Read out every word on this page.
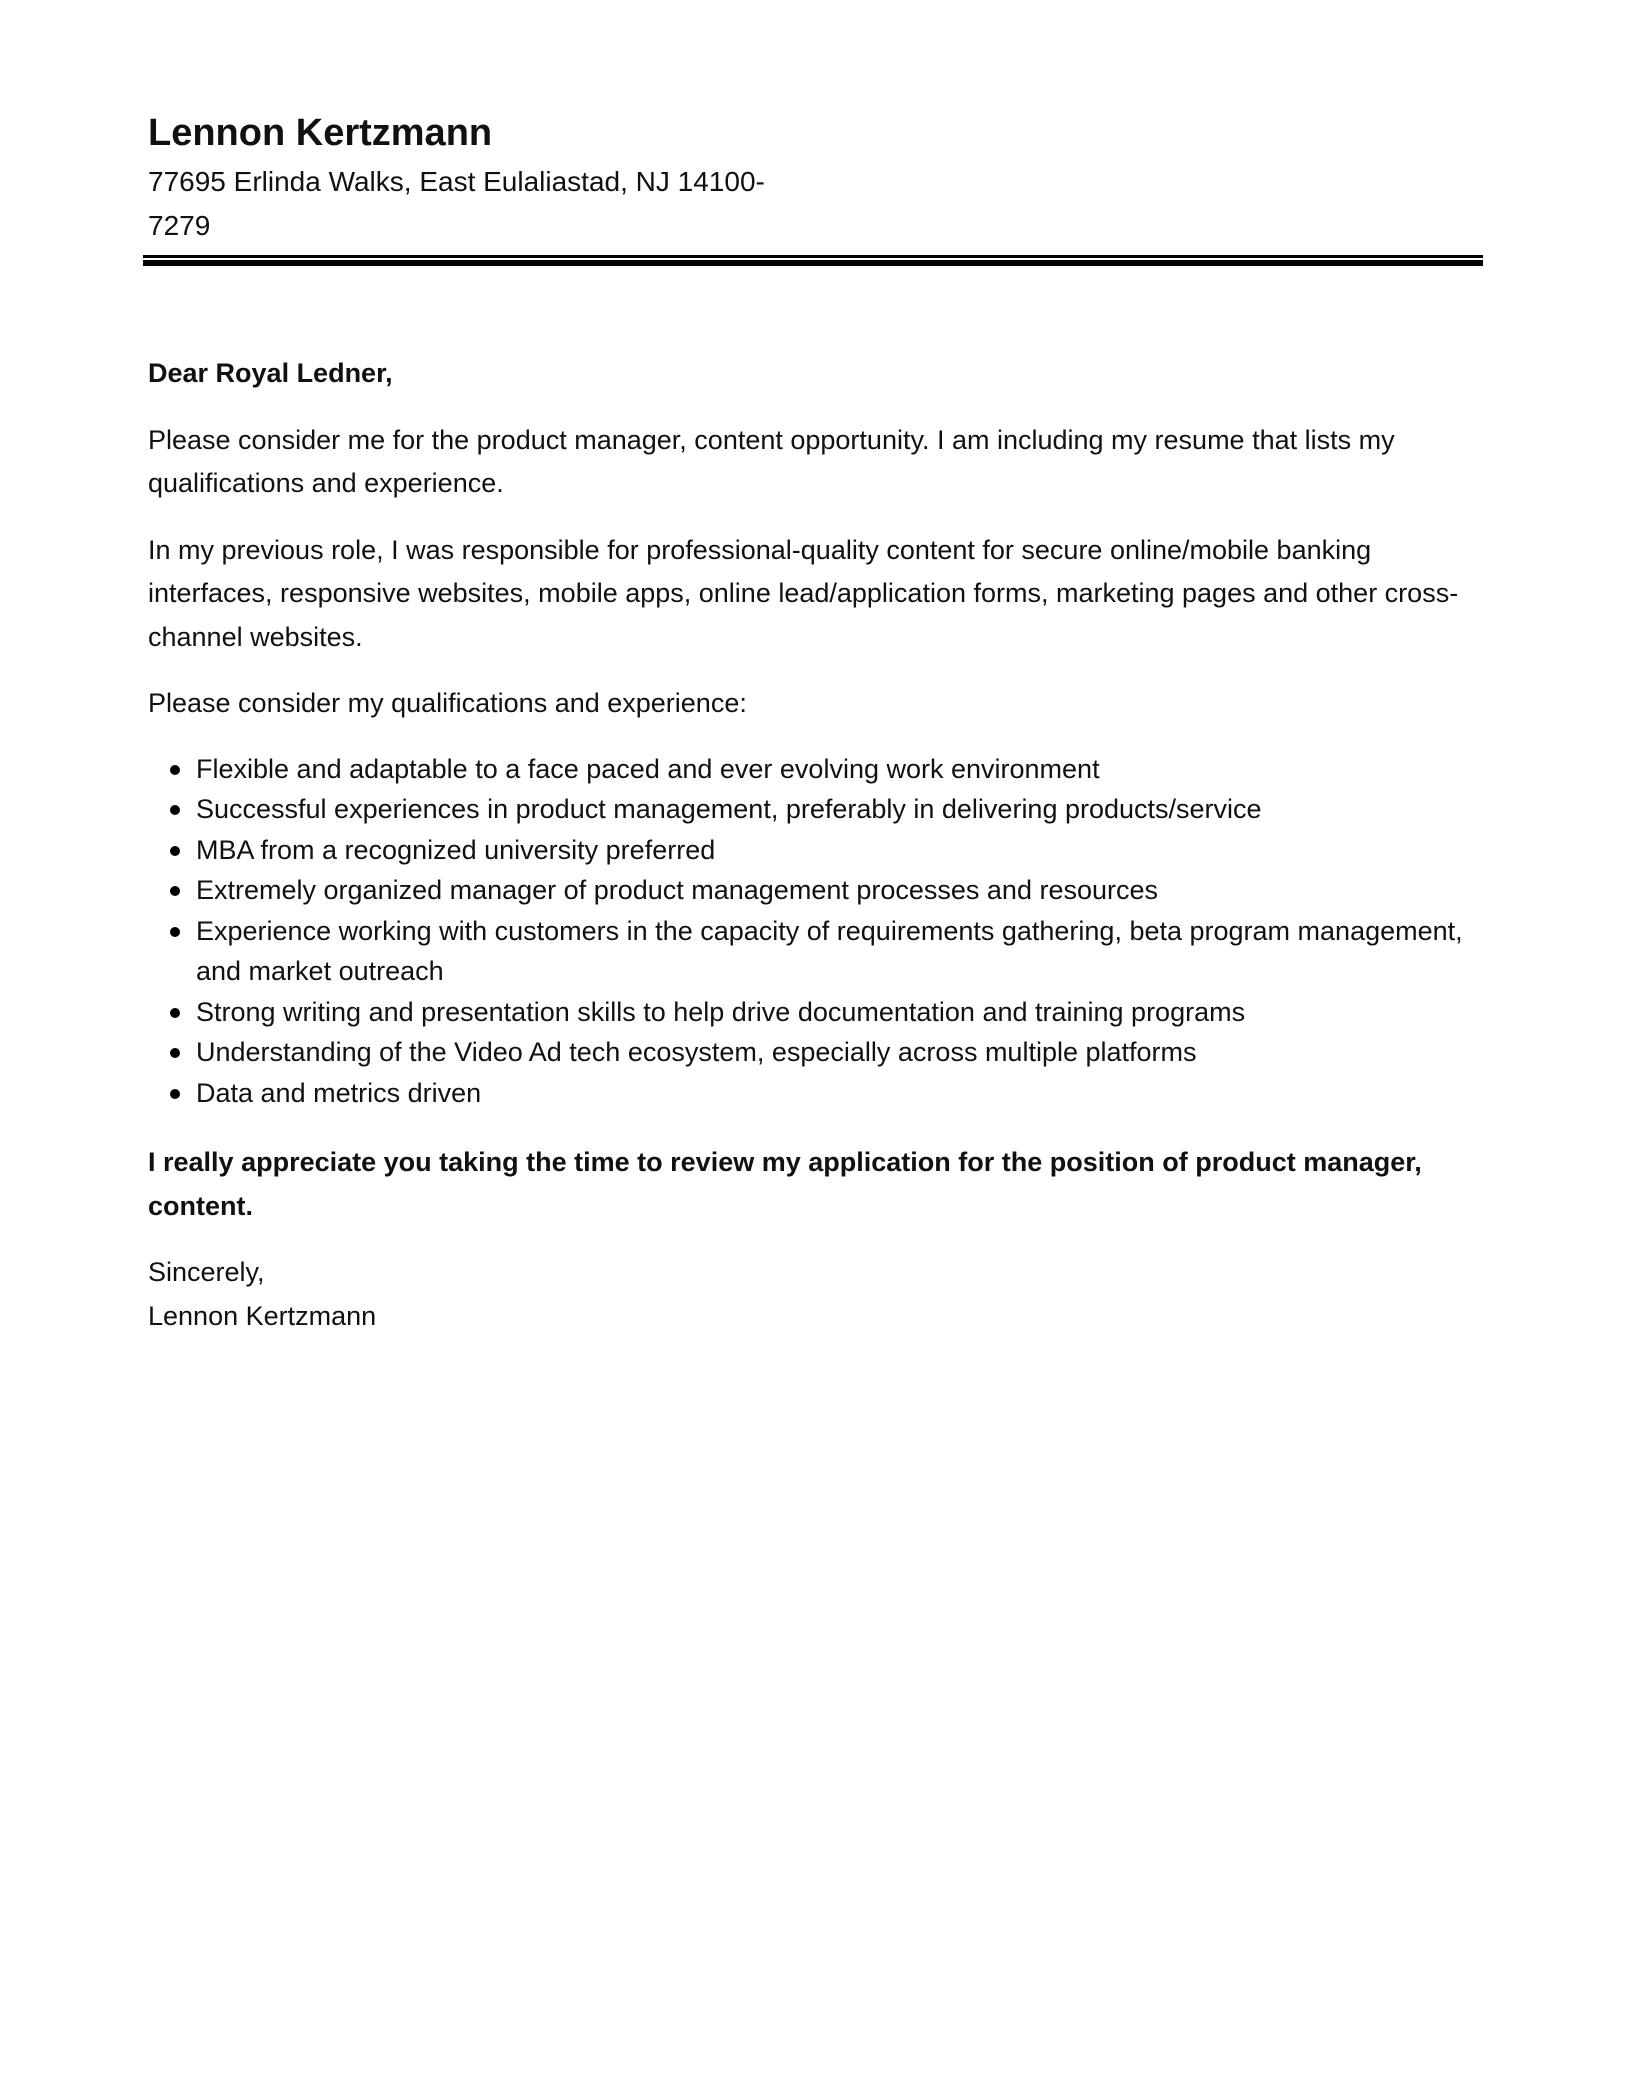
Lennon Kertzmann
77695 Erlinda Walks, East Eulaliastad, NJ 14100-7279

Dear Royal Ledner,

Please consider me for the product manager, content opportunity. I am including my resume that lists my qualifications and experience.

In my previous role, I was responsible for professional-quality content for secure online/mobile banking interfaces, responsive websites, mobile apps, online lead/application forms, marketing pages and other cross-channel websites.

Please consider my qualifications and experience:

Flexible and adaptable to a face paced and ever evolving work environment
Successful experiences in product management, preferably in delivering products/service
MBA from a recognized university preferred
Extremely organized manager of product management processes and resources
Experience working with customers in the capacity of requirements gathering, beta program management, and market outreach
Strong writing and presentation skills to help drive documentation and training programs
Understanding of the Video Ad tech ecosystem, especially across multiple platforms
Data and metrics driven

I really appreciate you taking the time to review my application for the position of product manager, content.

Sincerely,

Lennon Kertzmann
